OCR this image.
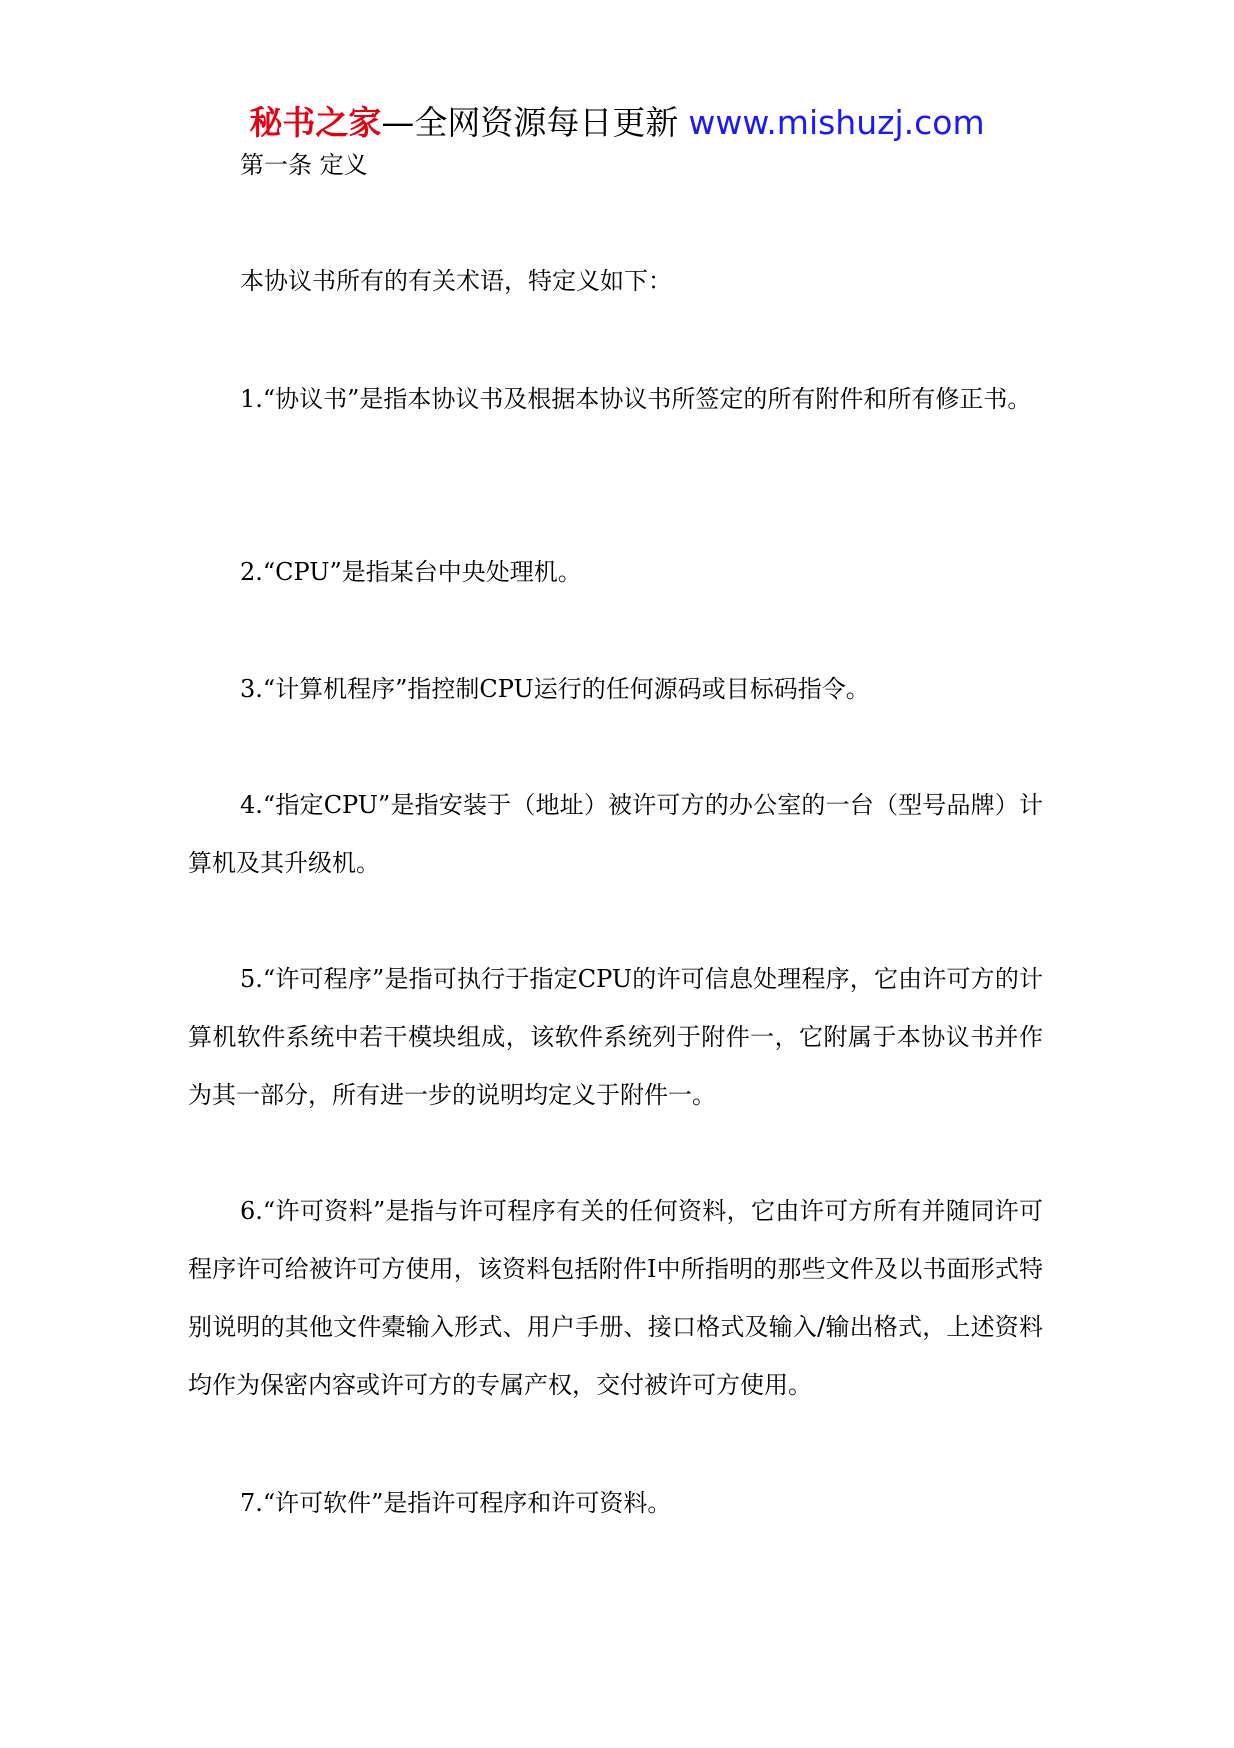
秘书之家—全网资源每日更新 www.mishuzj.com
第一条 定义

本协议书所有的有关术语，特定义如下：

1.“协议书”是指本协议书及根据本协议书所签定的所有附件和所有修正书。

2.“CPU”是指某台中央处理机。

3.“计算机程序”指控制CPU运行的任何源码或目标码指令。

4.“指定CPU”是指安装于（地址）被许可方的办公室的一台（型号品牌）计算机及其升级机。

5.“许可程序”是指可执行于指定CPU的许可信息处理程序，它由许可方的计算机软件系统中若干模块组成，该软件系统列于附件一，它附属于本协议书并作为其一部分，所有进一步的说明均定义于附件一。

6.“许可资料”是指与许可程序有关的任何资料，它由许可方所有并随同许可程序许可给被许可方使用，该资料包括附件I中所指明的那些文件及以书面形式特别说明的其他文件橐输入形式、用户手册、接口格式及输入/输出格式，上述资料均作为保密内容或许可方的专属产权，交付被许可方使用。

7.“许可软件”是指许可程序和许可资料。
